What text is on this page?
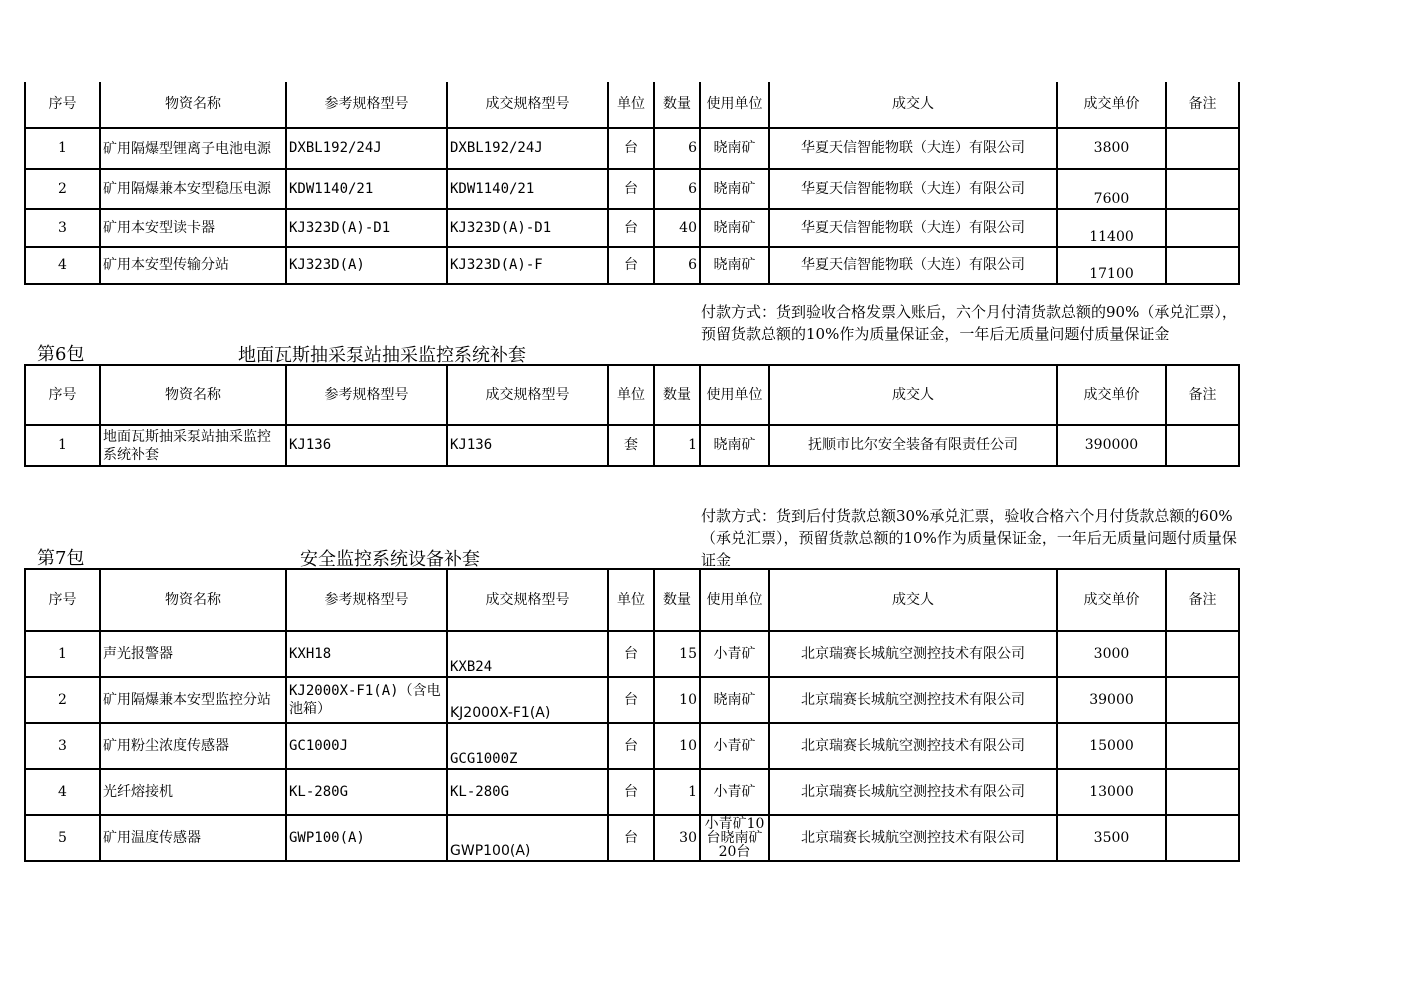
序号	物资名称	参考规格型号	成交规格型号	单位	数量	使用单位	成交人	成交单价	备注
1	矿用隔爆型锂离子电池电源	DXBL192/24J	DXBL192/24J	台	6	晓南矿	华夏天信智能物联（大连）有限公司	3800	
2	矿用隔爆兼本安型稳压电源	KDW1140/21	KDW1140/21	台	6	晓南矿	华夏天信智能物联（大连）有限公司	7600	
3	矿用本安型读卡器	KJ323D(A)-D1	KJ323D(A)-D1	台	40	晓南矿	华夏天信智能物联（大连）有限公司	11400	
4	矿用本安型传输分站	KJ323D(A)	KJ323D(A)-F	台	6	晓南矿	华夏天信智能物联（大连）有限公司	17100	
付款方式：货到验收合格发票入账后，六个月付清货款总额的90%（承兑汇票），预留货款总额的10%作为质量保证金，一年后无质量问题付质量保证金
第6包	地面瓦斯抽采泵站抽采监控系统补套
序号	物资名称	参考规格型号	成交规格型号	单位	数量	使用单位	成交人	成交单价	备注
1	地面瓦斯抽采泵站抽采监控系统补套	KJ136	KJ136	套	1	晓南矿	抚顺市比尔安全装备有限责任公司	390000	
付款方式：货到后付货款总额30%承兑汇票，验收合格六个月付货款总额的60%（承兑汇票），预留货款总额的10%作为质量保证金，一年后无质量问题付质量保证金
第7包	安全监控系统设备补套
序号	物资名称	参考规格型号	成交规格型号	单位	数量	使用单位	成交人	成交单价	备注
1	声光报警器	KXH18	KXB24	台	15	小青矿	北京瑞赛长城航空测控技术有限公司	3000	
2	矿用隔爆兼本安型监控分站	KJ2000X-F1(A)（含电池箱）	KJ2000X-F1(A)	台	10	晓南矿	北京瑞赛长城航空测控技术有限公司	39000	
3	矿用粉尘浓度传感器	GC1000J	GCG1000Z	台	10	小青矿	北京瑞赛长城航空测控技术有限公司	15000	
4	光纤熔接机	KL-280G	KL-280G	台	1	小青矿	北京瑞赛长城航空测控技术有限公司	13000	
5	矿用温度传感器	GWP100(A)	GWP100(A)	台	30	小青矿10台晓南矿20台	北京瑞赛长城航空测控技术有限公司	3500	
